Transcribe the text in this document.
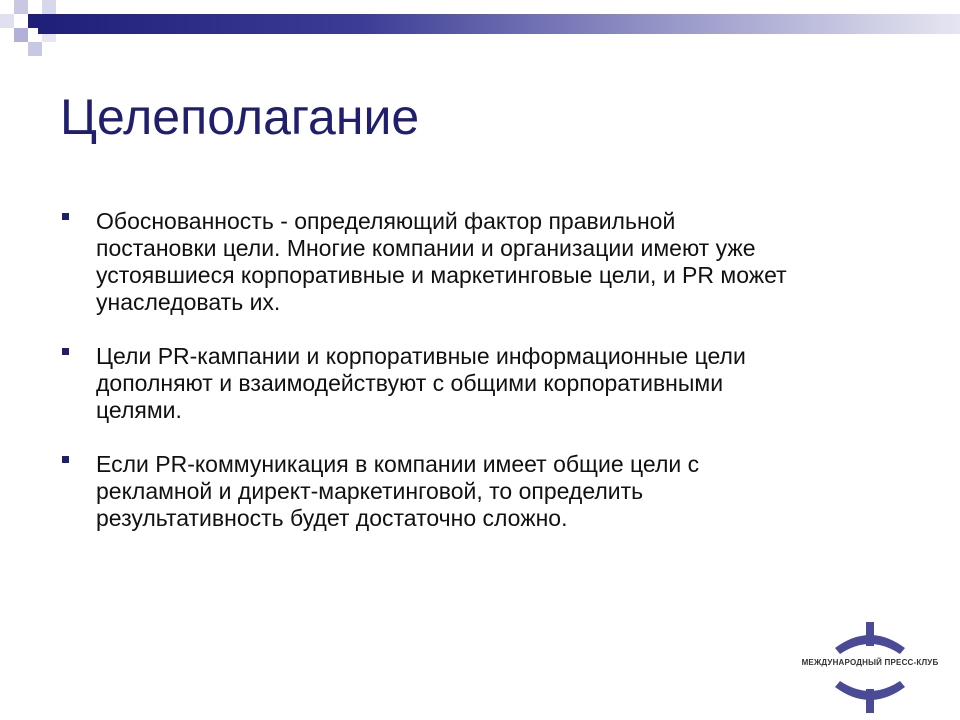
Целеполагание
Обоснованность - определяющий фактор правильной
постановки цели. Многие компании и организации имеют уже
устоявшиеся корпоративные и маркетинговые цели, и PR может
унаследовать их.
Цели PR-кампании и корпоративные информационные цели
дополняют и взаимодействуют с общими корпоративными
целями.
Если PR-коммуникация в компании имеет общие цели с
рекламной и директ-маркетинговой, то определить
результативность будет достаточно сложно.
МЕЖДУНАРОДНЫЙ ПРЕСС-КЛУБ
